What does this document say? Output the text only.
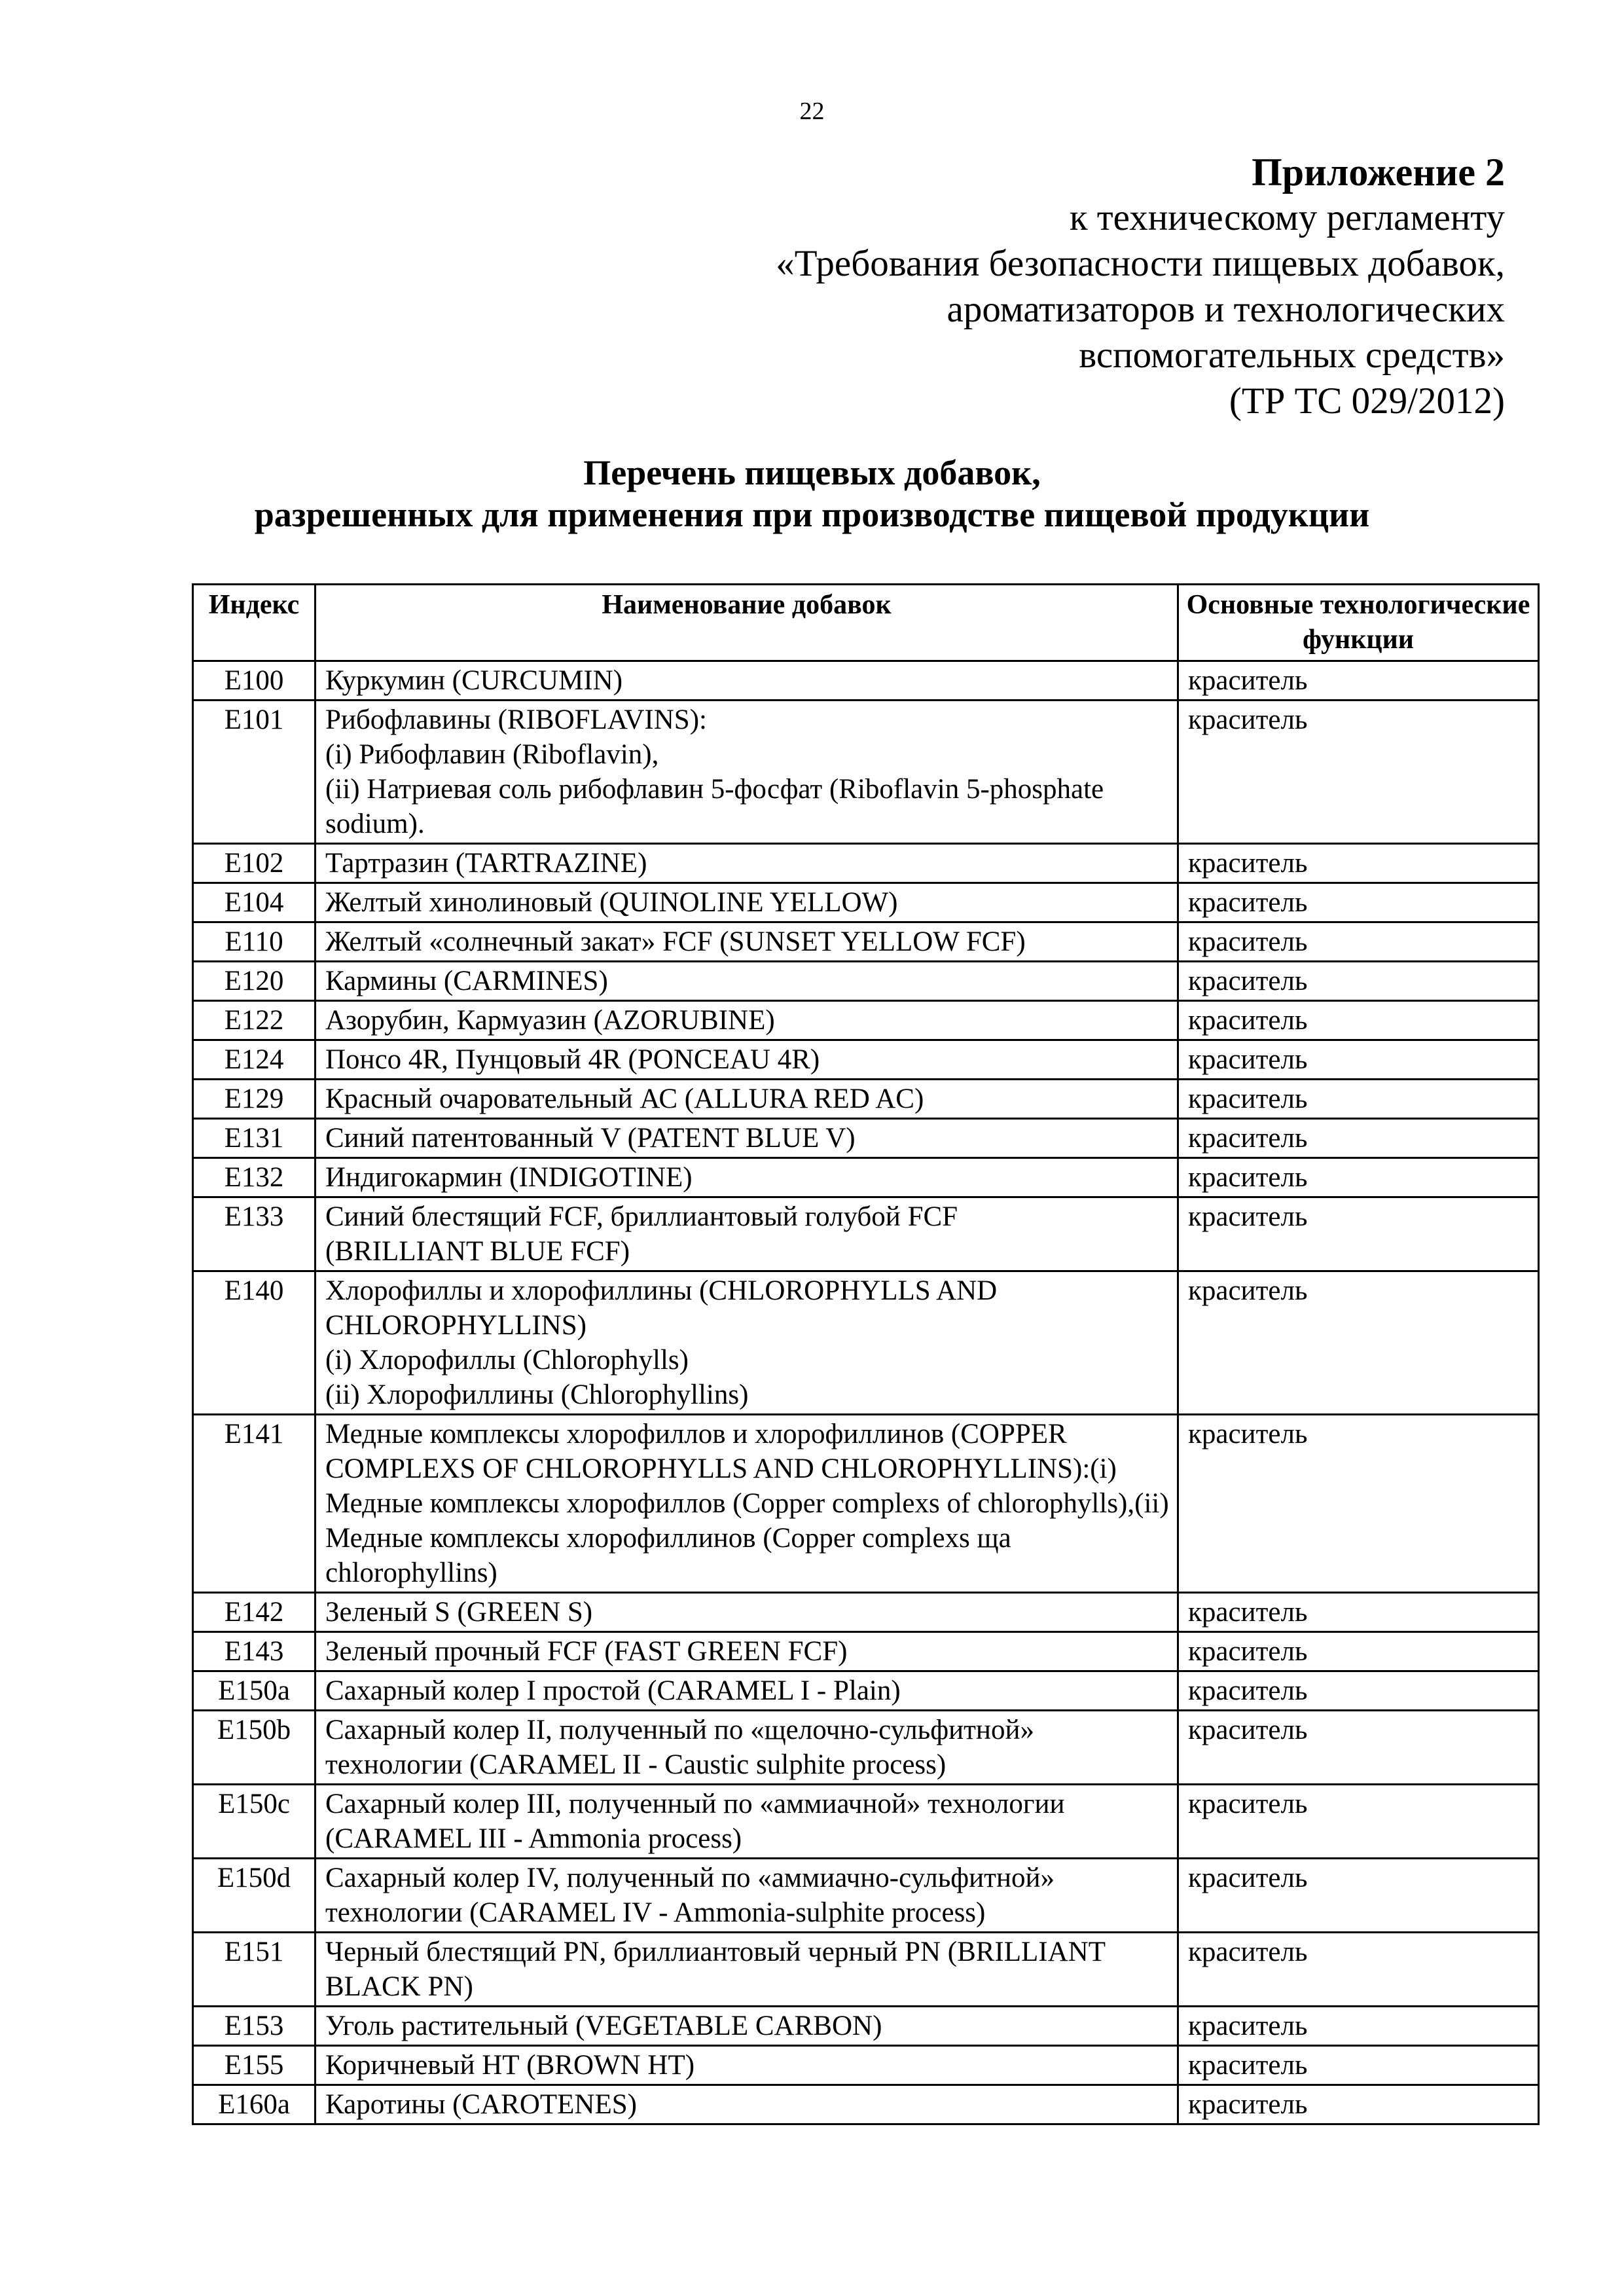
22
Приложение 2
к техническому регламенту
«Требования безопасности пищевых добавок,
ароматизаторов и технологических
вспомогательных средств»
(ТР ТС 029/2012)
Перечень пищевых добавок,
разрешенных для применения при производстве пищевой продукции
Индекс	Наименование добавок	Основные технологические функции
E100	Куркумин (CURCUMIN)	краситель
E101	Рибофлавины (RIBOFLAVINS):
(i) Рибофлавин (Riboflavin),
(ii) Натриевая соль рибофлавин 5-фосфат (Riboflavin 5-phosphate sodium).	краситель
E102	Тартразин (TARTRAZINE)	краситель
E104	Желтый хинолиновый (QUINOLINE YELLOW)	краситель
E110	Желтый «солнечный закат» FCF (SUNSET YELLOW FCF)	краситель
E120	Кармины (CARMINES)	краситель
E122	Азорубин, Кармуазин (AZORUBINE)	краситель
E124	Понсо 4R, Пунцовый 4R (PONCEAU 4R)	краситель
E129	Красный очаровательный АС (ALLURA RED AC)	краситель
E131	Синий патентованный V (PATENT BLUE V)	краситель
E132	Индигокармин (INDIGOTINE)	краситель
E133	Синий блестящий FCF, бриллиантовый голубой FCF
(BRILLIANT BLUE FCF)	краситель
E140	Хлорофиллы и хлорофиллины (CHLOROPHYLLS AND CHLOROPHYLLINS)
(i) Хлорофиллы (Chlorophylls)
(ii) Хлорофиллины (Chlorophyllins)	краситель
E141	Медные комплексы хлорофиллов и хлорофиллинов (COPPER COMPLEXS OF CHLOROPHYLLS AND CHLOROPHYLLINS):(i) Медные комплексы хлорофиллов (Copper complexs of chlorophylls),(ii) Медные комплексы хлорофиллинов (Copper complexs ща chlorophyllins)	краситель
E142	Зеленый S (GREEN S)	краситель
E143	Зеленый прочный FCF (FAST GREEN FCF)	краситель
E150a	Сахарный колер I простой (CARAMEL I - Plain)	краситель
E150b	Сахарный колер II, полученный по «щелочно-сульфитной» технологии (CARAMEL II - Caustic sulphite process)	краситель
E150c	Сахарный колер III, полученный по «аммиачной» технологии (CARAMEL III - Ammonia process)	краситель
E150d	Сахарный колер IV, полученный по «аммиачно-сульфитной» технологии (CARAMEL IV - Ammonia-sulphite process)	краситель
E151	Черный блестящий PN, бриллиантовый черный PN (BRILLIANT BLACK PN)	краситель
E153	Уголь растительный (VEGETABLE CARBON)	краситель
E155	Коричневый НТ (BROWN HT)	краситель
E160a	Каротины (CAROTENES)	краситель
